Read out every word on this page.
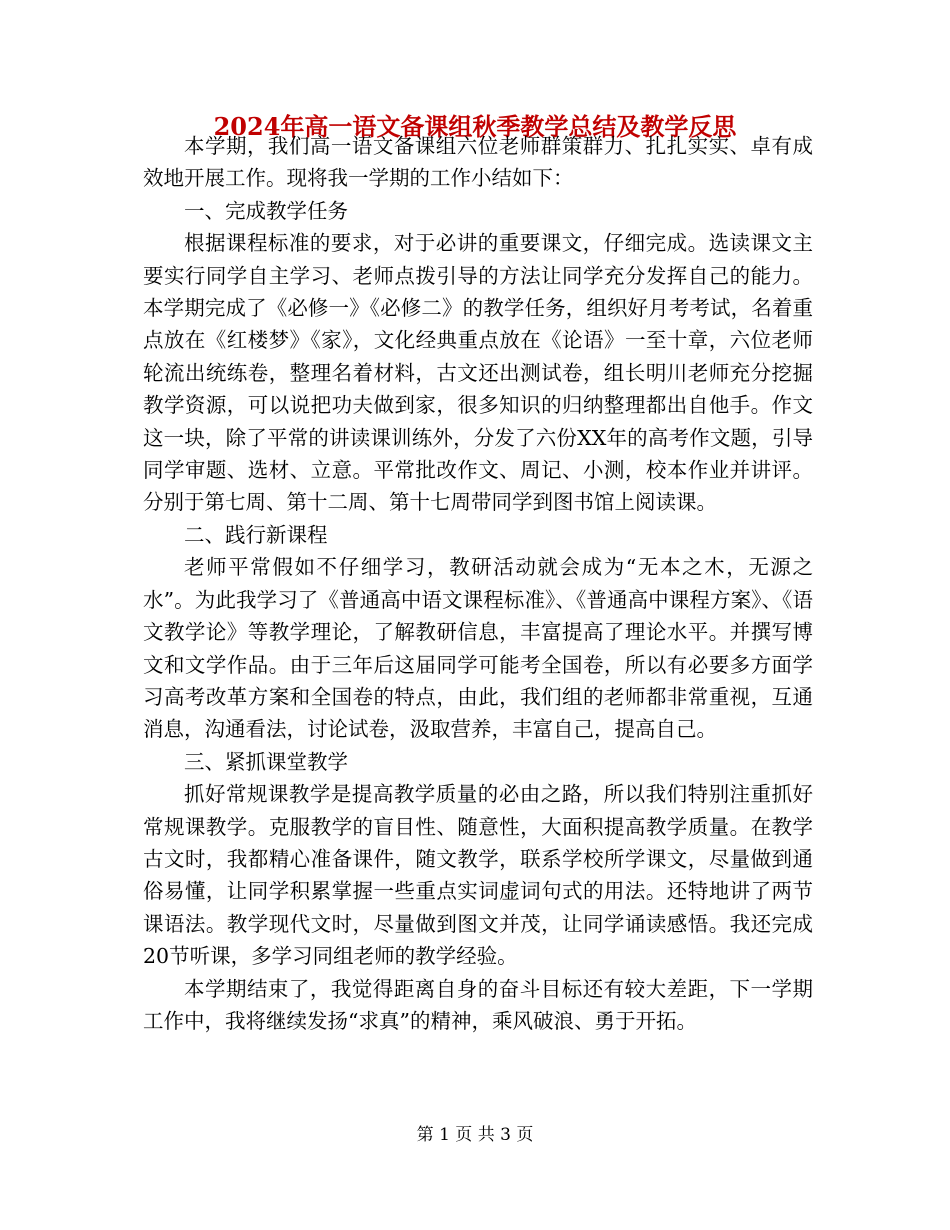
2024年高一语文备课组秋季教学总结及教学反思

本学期，我们高一语文备课组六位老师群策群力、扎扎实实、卓有成效地开展工作。现将我一学期的工作小结如下：

一、完成教学任务

根据课程标准的要求，对于必讲的重要课文，仔细完成。选读课文主要实行同学自主学习、老师点拨引导的方法让同学充分发挥自己的能力。本学期完成了《必修一》《必修二》的教学任务，组织好月考考试，名着重点放在《红楼梦》《家》，文化经典重点放在《论语》一至十章，六位老师轮流出统练卷，整理名着材料，古文还出测试卷，组长明川老师充分挖掘教学资源，可以说把功夫做到家，很多知识的归纳整理都出自他手。作文这一块，除了平常的讲读课训练外，分发了六份XX年的高考作文题，引导同学审题、选材、立意。平常批改作文、周记、小测，校本作业并讲评。分别于第七周、第十二周、第十七周带同学到图书馆上阅读课。

二、践行新课程

老师平常假如不仔细学习，教研活动就会成为“无本之木，无源之水”。为此我学习了《普通高中语文课程标准》、《普通高中课程方案》、《语文教学论》等教学理论，了解教研信息，丰富提高了理论水平。并撰写博文和文学作品。由于三年后这届同学可能考全国卷，所以有必要多方面学习高考改革方案和全国卷的特点，由此，我们组的老师都非常重视，互通消息，沟通看法，讨论试卷，汲取营养，丰富自己，提高自己。

三、紧抓课堂教学

抓好常规课教学是提高教学质量的必由之路，所以我们特别注重抓好常规课教学。克服教学的盲目性、随意性，大面积提高教学质量。在教学古文时，我都精心准备课件，随文教学，联系学校所学课文，尽量做到通俗易懂，让同学积累掌握一些重点实词虚词句式的用法。还特地讲了两节课语法。教学现代文时，尽量做到图文并茂，让同学诵读感悟。我还完成20节听课，多学习同组老师的教学经验。

本学期结束了，我觉得距离自身的奋斗目标还有较大差距，下一学期工作中，我将继续发扬“求真”的精神，乘风破浪、勇于开拓。

第 1 页 共 3 页
